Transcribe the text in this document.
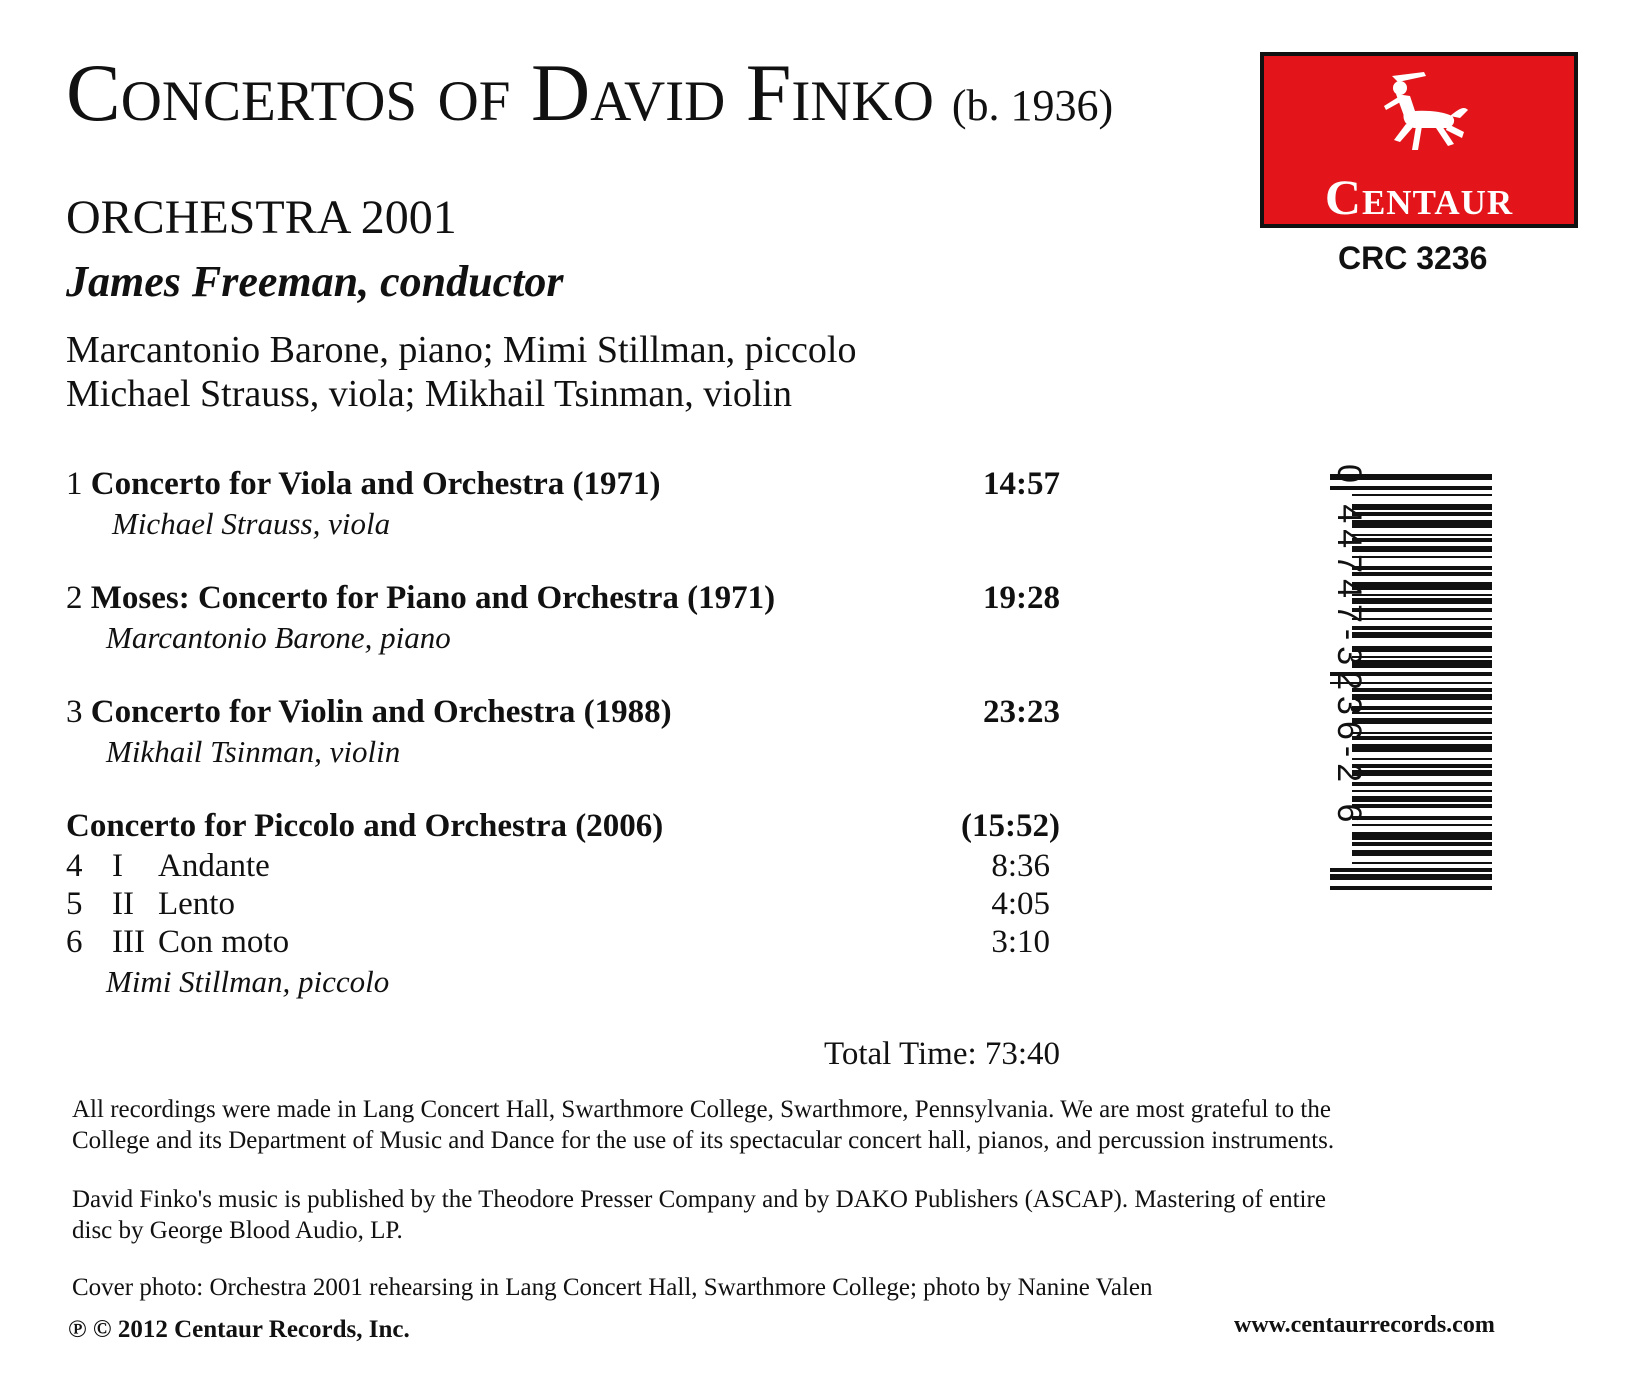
Concertos of David Finko (b. 1936)
ORCHESTRA 2001
James Freeman, conductor
Marcantonio Barone, piano; Mimi Stillman, piccolo
Michael Strauss, viola; Mikhail Tsinman, violin
1 Concerto for Viola and Orchestra (1971)	14:57
Michael Strauss, viola
2 Moses: Concerto for Piano and Orchestra (1971)	19:28
Marcantonio Barone, piano
3 Concerto for Violin and Orchestra (1988)	23:23
Mikhail Tsinman, violin
Concerto for Piccolo and Orchestra (2006)	(15:52)
4 I Andante	8:36
5 II Lento	4:05
6 III Con moto	3:10
Mimi Stillman, piccolo
Total Time: 73:40
All recordings were made in Lang Concert Hall, Swarthmore College, Swarthmore, Pennsylvania. We are most grateful to the College and its Department of Music and Dance for the use of its spectacular concert hall, pianos, and percussion instruments.
David Finko's music is published by the Theodore Presser Company and by DAKO Publishers (ASCAP). Mastering of entire disc by George Blood Audio, LP.
Cover photo: Orchestra 2001 rehearsing in Lang Concert Hall, Swarthmore College; photo by Nanine Valen
℗ © 2012 Centaur Records, Inc.	www.centaurrecords.com
Centaur
CRC 3236
0 44747-3236-2 6
